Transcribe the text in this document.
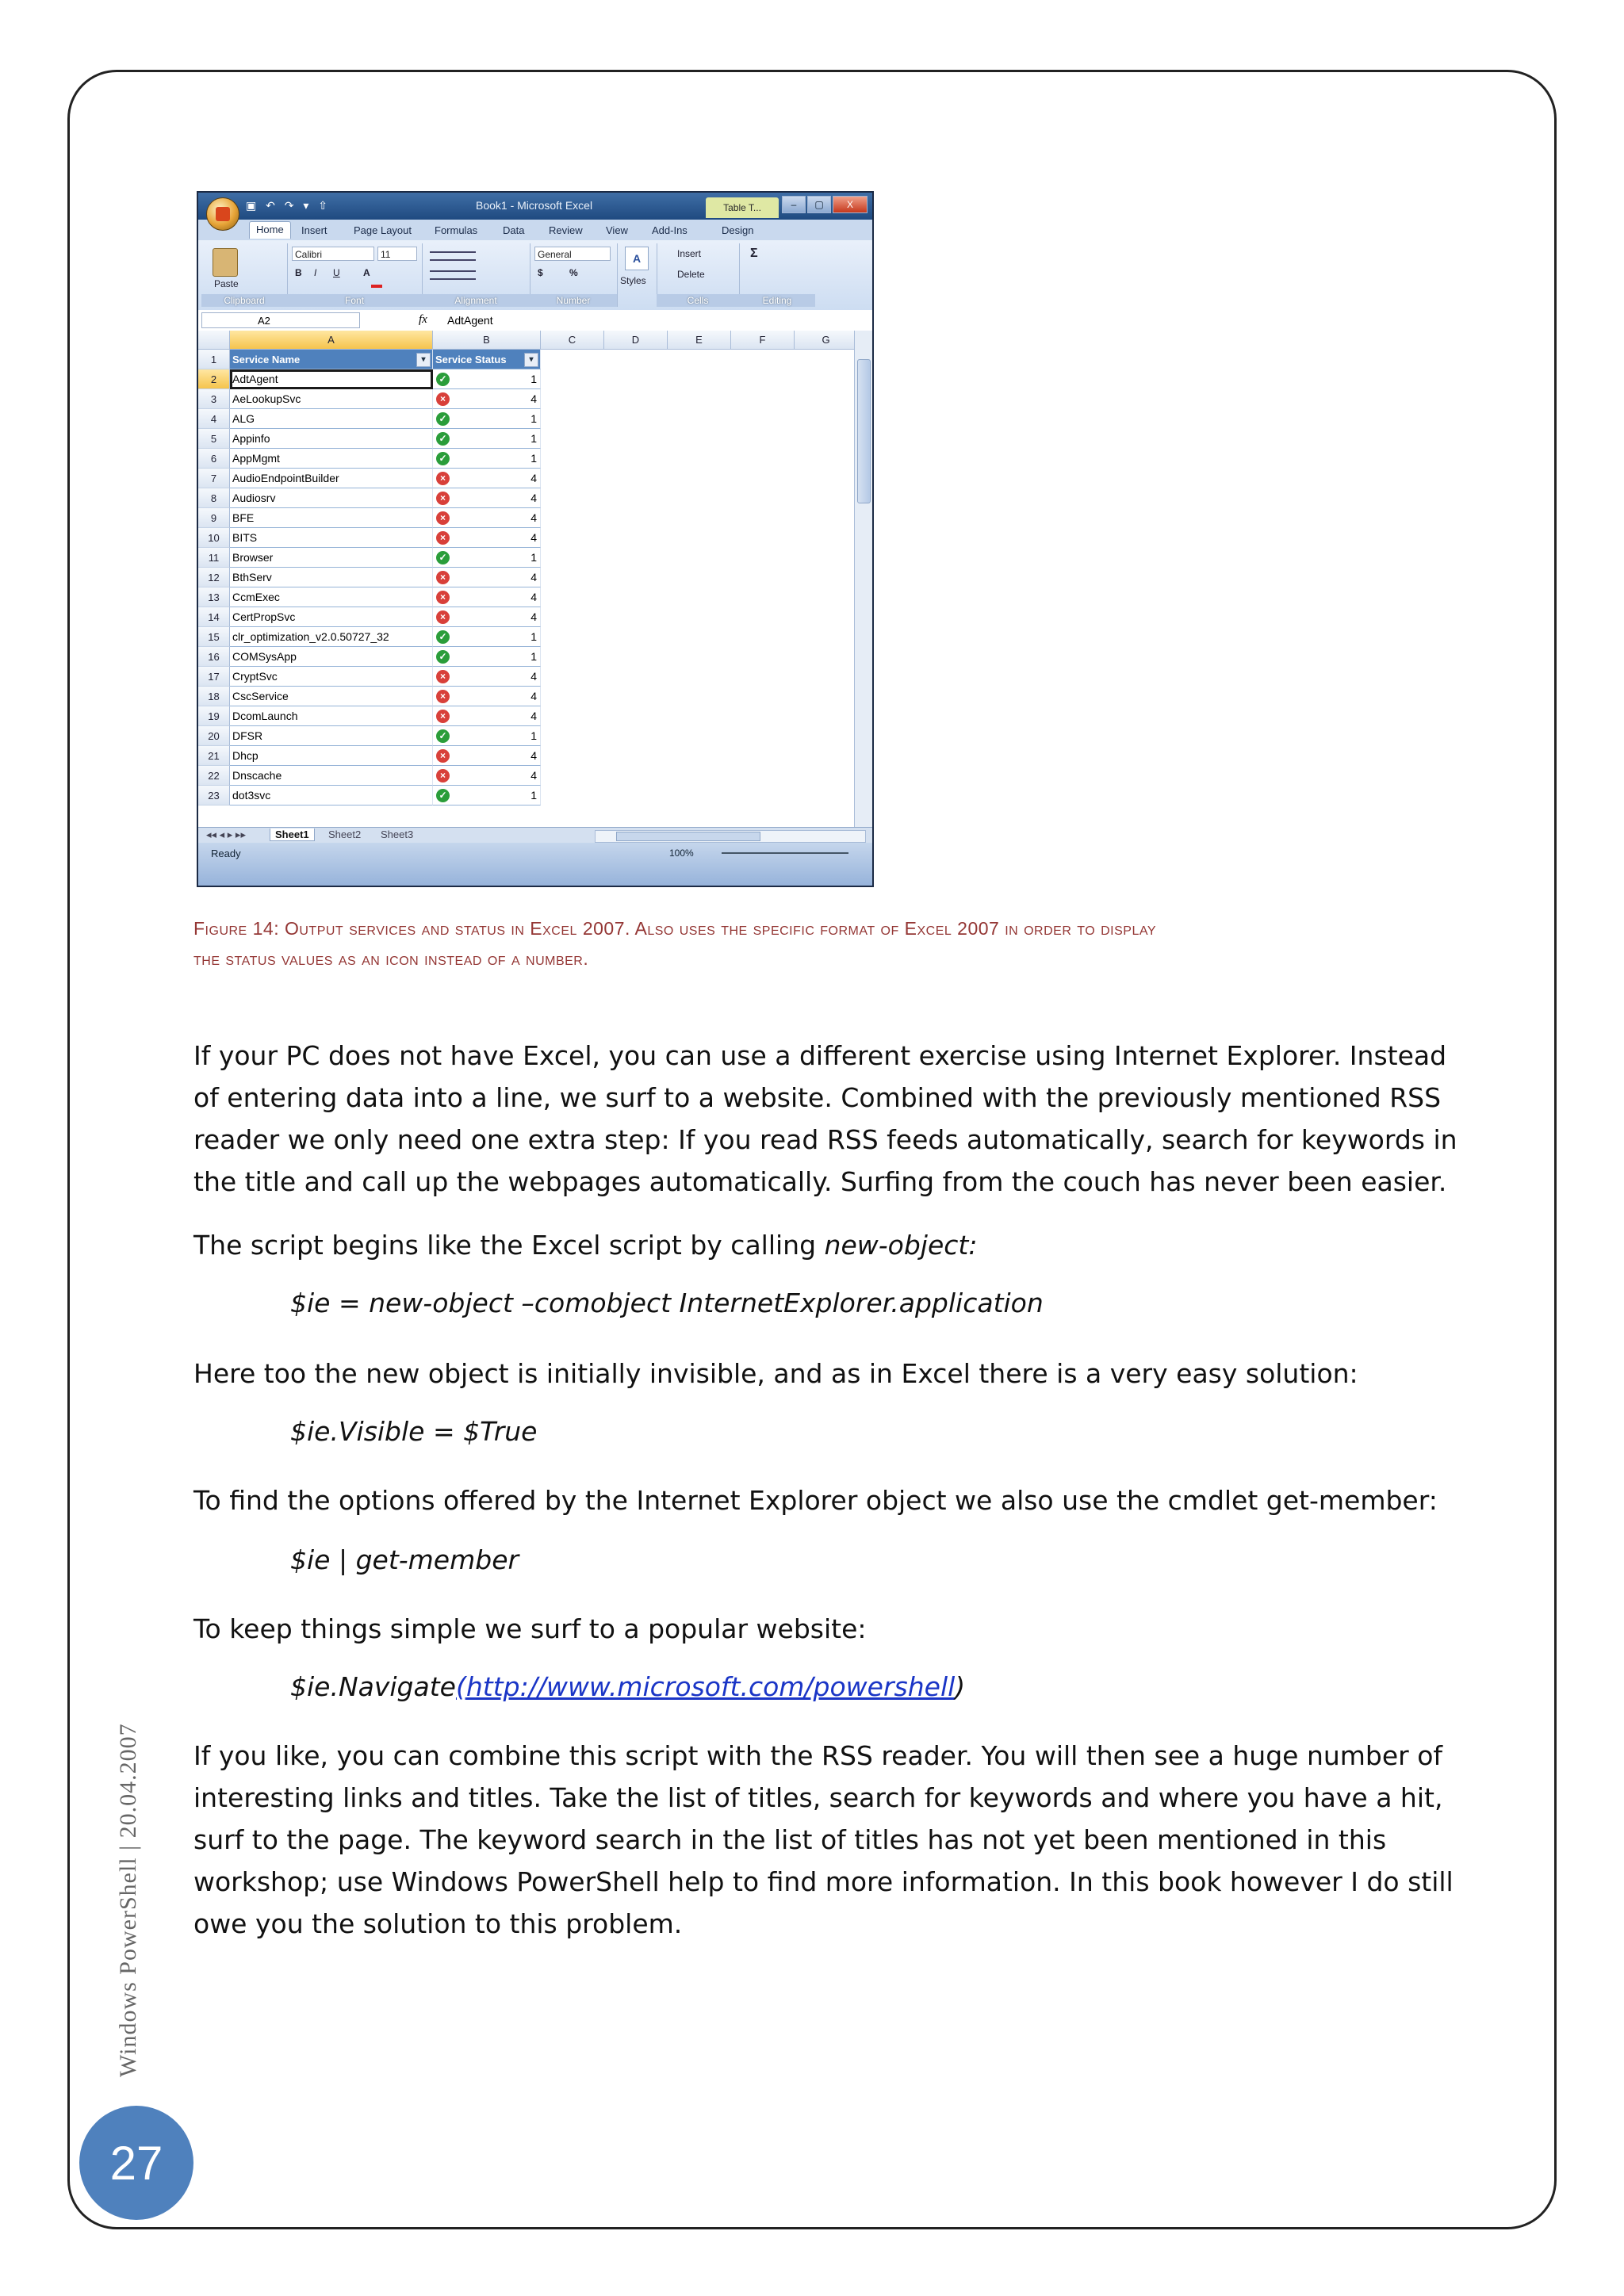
▣ ↶ ↷ ▾ ⇧	Book1 - Microsoft Excel	Table T...	–	▢	X
Home	Insert	Page Layout Formulas Data Review View Add-Ins	Design
Paste
Clipboard
Calibri	11
B I U A
Font	Alignment
General
$	%
Number
A
Styles
Insert
Delete
Cells
Σ
Editing
A2	fx AdtAgent
A	B	C	D	E	F	G
1	Service Name	▾ Service Status	▾
2	AdtAgent	✓	1
3	AeLookupSvc	×	4
4	ALG	✓	1
5	Appinfo	✓	1
6	AppMgmt	✓	1
7	AudioEndpointBuilder	×	4
8	Audiosrv	×	4
9	BFE	×	4
10	BITS	×	4
11	Browser	✓	1
12	BthServ	×	4
13	CcmExec	×	4
14	CertPropSvc	×	4
15	clr_optimization_v2.0.50727_32	✓	1
16	COMSysApp	✓	1
17	CryptSvc	×	4
18	CscService	×	4
19	DcomLaunch	×	4
20	DFSR	✓	1
21	Dhcp	×	4
22	Dnscache	×	4
23	dot3svc	✓	1
◂◂ ◂ ▸ ▸▸	Sheet1	Sheet2 Sheet3
Ready	100%
Figure 14: Output services and status in Excel 2007. Also uses the specific format of Excel 2007 in order to display
the status values as an icon instead of a number.

If your PC does not have Excel, you can use a different exercise using Internet Explorer. Instead of entering data into a line, we surf to a website. Combined with the previously mentioned RSS reader we only need one extra step: If you read RSS feeds automatically, search for keywords in the title and call up the webpages automatically. Surfing from the couch has never been easier.

The script begins like the Excel script by calling new-object:

$ie = new-object –comobject InternetExplorer.application

Here too the new object is initially invisible, and as in Excel there is a very easy solution:

$ie.Visible = $True

To find the options offered by the Internet Explorer object we also use the cmdlet get-member:

$ie | get-member

To keep things simple we surf to a popular website:

$ie.Navigate(http://www.microsoft.com/powershell)

If you like, you can combine this script with the RSS reader. You will then see a huge number of interesting links and titles. Take the list of titles, search for keywords and where you have a hit, surf to the page. The keyword search in the list of titles has not yet been mentioned in this workshop; use Windows PowerShell help to find more information. In this book however I do still owe you the solution to this problem.

Windows PowerShell | 20.04.2007
27
